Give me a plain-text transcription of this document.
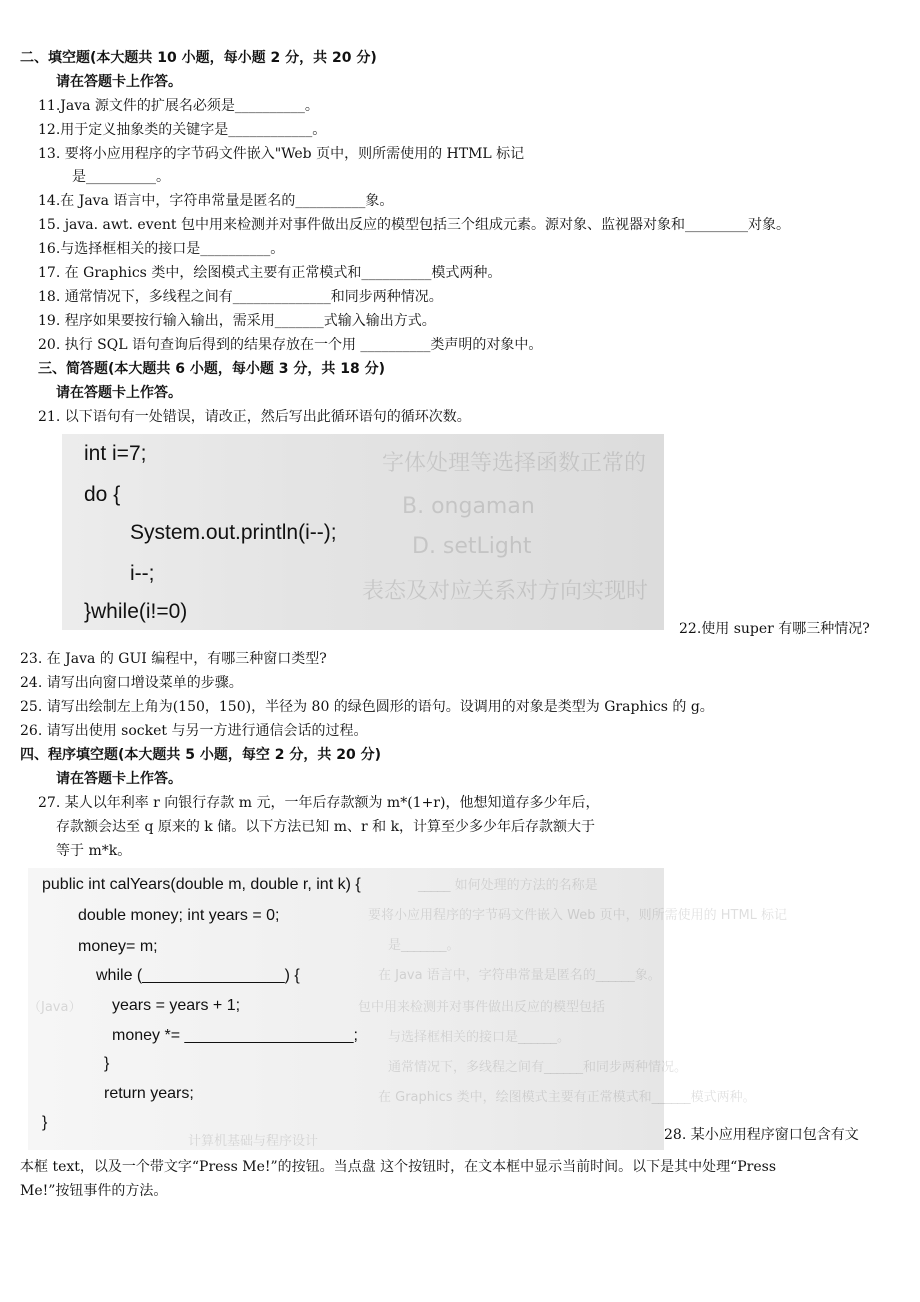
二、填空题(本大题共 10 小题，每小题 2 分，共 20 分)
请在答题卡上作答。
11.Java 源文件的扩展名必须是__________。
12.用于定义抽象类的关键字是____________。
13. 要将小应用程序的字节码文件嵌入"Web 页中，则所需使用的 HTML 标记
是__________。
14.在 Java 语言中，字符串常量是匿名的__________象。
15. java. awt. event 包中用来检测并对事件做出反应的模型包括三个组成元素。源对象、监视器对象和_________对象。
16.与选择框相关的接口是__________。
17. 在 Graphics 类中，绘图模式主要有正常模式和__________模式两种。
18. 通常情况下，多线程之间有______________和同步两种情况。
19. 程序如果要按行输入输出，需采用_______式输入输出方式。
20. 执行 SQL 语句查询后得到的结果存放在一个用 __________类声明的对象中。
三、简答题(本大题共 6 小题，每小题 3 分，共 18 分)
请在答题卡上作答。
21. 以下语句有一处错误，请改正，然后写出此循环语句的循环次数。
字体处理等选择函数正常的
B. ongaman
D. setLight
表态及对应关系对方向实现时
int i=7;
do {
System.out.println(i--);
i--;
}while(i!=0)
22.使用 super 有哪三种情况?
23. 在 Java 的 GUI 编程中，有哪三种窗口类型?
24. 请写出向窗口增设菜单的步骤。
25. 请写出绘制左上角为(150，150)，半径为 80 的绿色圆形的语句。设调用的对象是类型为 Graphics 的 g。
26. 请写出使用 socket 与另一方进行通信会话的过程。
四、程序填空题(本大题共 5 小题，每空 2 分，共 20 分)
请在答题卡上作答。
27. 某人以年利率 r 向银行存款 m 元，一年后存款额为 m*(1+r)，他想知道存多少年后，
存款额会达至 q 原来的 k 储。以下方法已知 m、r 和 k，计算至少多少年后存款额大于
等于 m*k。
_____ 如何处理的方法的名称是
要将小应用程序的字节码文件嵌入 Web 页中，则所需使用的 HTML 标记
是_______。
在 Java 语言中，字符串常量是匿名的______象。
（Java）	包中用来检测并对事件做出反应的模型包括
与选择框相关的接口是______。
通常情况下，多线程之间有______和同步两种情况。
在 Graphics 类中，绘图模式主要有正常模式和______模式两种。
计算机基础与程序设计
public int calYears(double m, double r, int k) {
double money; int years = 0;
money= m;
while (________________) {
years = years + 1;
money *= ___________________;
}
return years;
}
28. 某小应用程序窗口包含有文
本框 text，以及一个带文字“Press Me!”的按钮。当点盘 这个按钮时，在文本框中显示当前时间。以下是其中处理“Press
Me!”按钮事件的方法。
